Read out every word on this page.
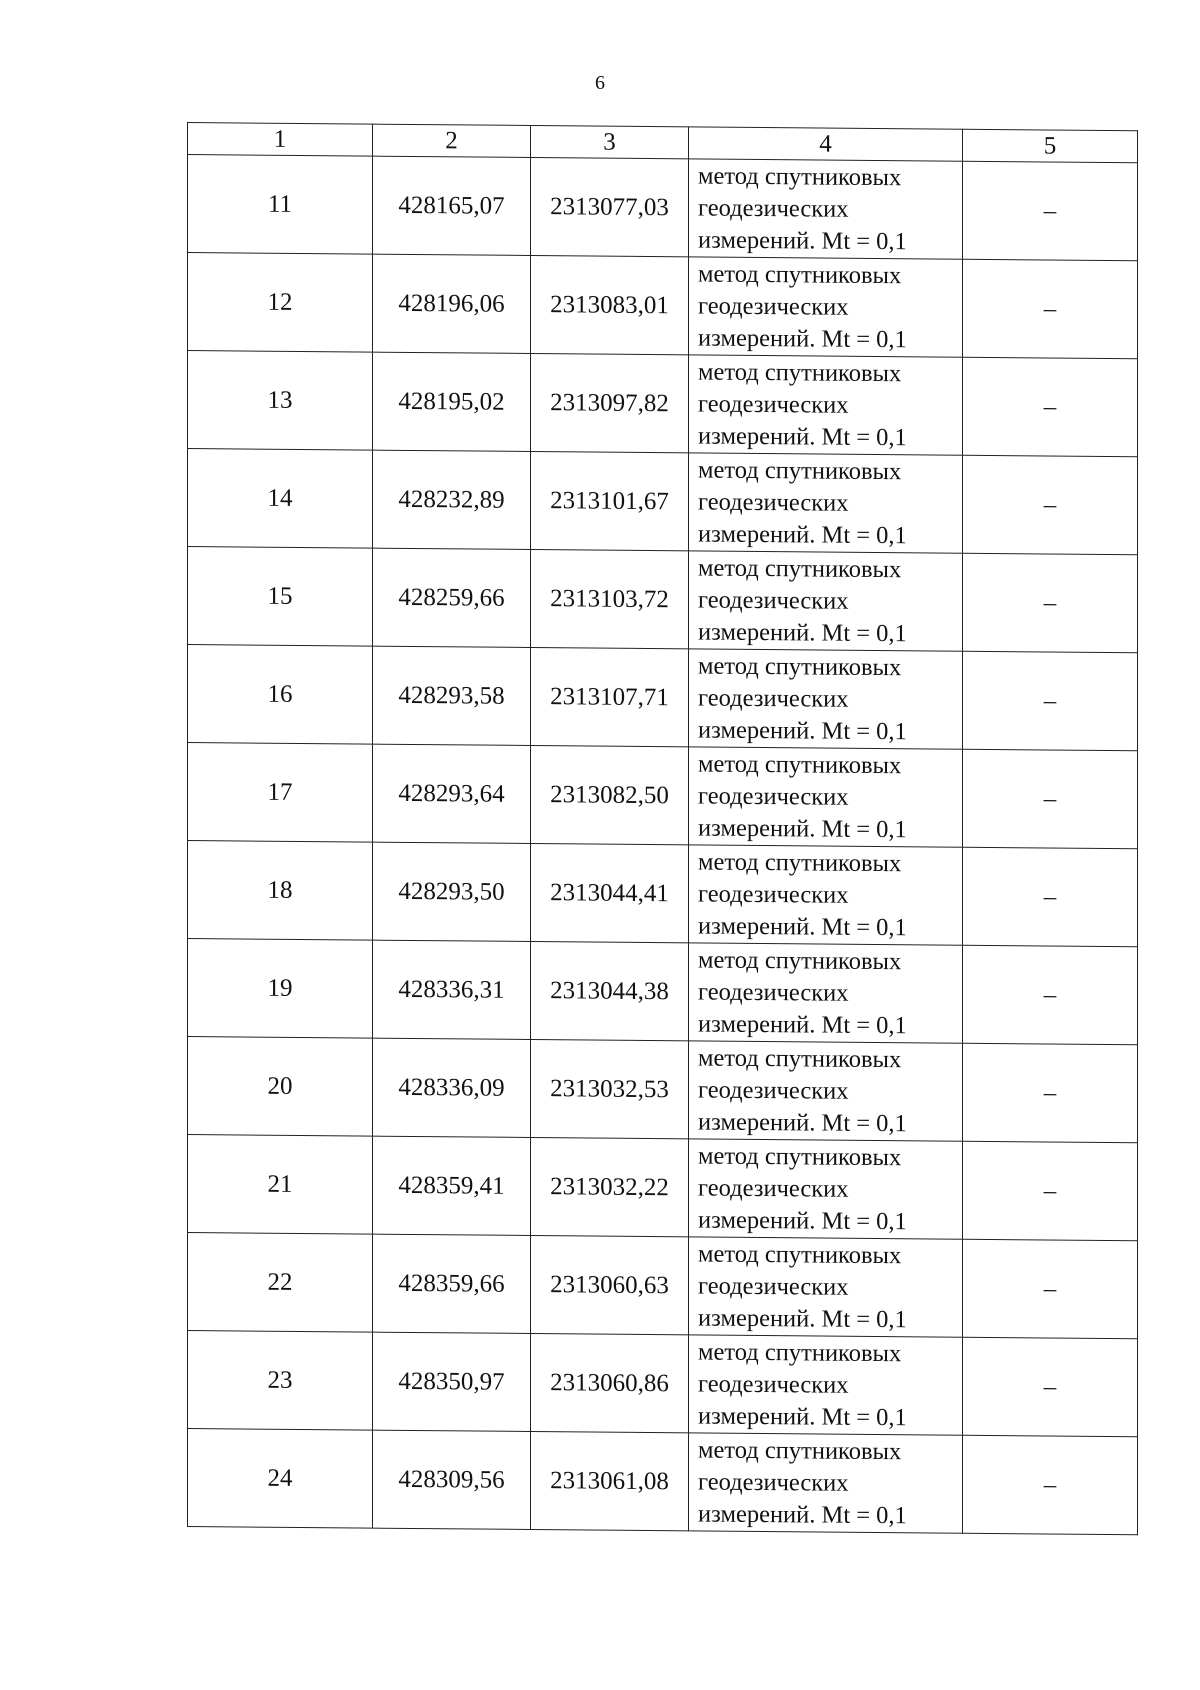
6
1	2	3	4	5
11	428165,07	2313077,03	метод спутниковых
геодезических
измерений. Mt = 0,1	–
12	428196,06	2313083,01	метод спутниковых
геодезических
измерений. Mt = 0,1	–
13	428195,02	2313097,82	метод спутниковых
геодезических
измерений. Mt = 0,1	–
14	428232,89	2313101,67	метод спутниковых
геодезических
измерений. Mt = 0,1	–
15	428259,66	2313103,72	метод спутниковых
геодезических
измерений. Mt = 0,1	–
16	428293,58	2313107,71	метод спутниковых
геодезических
измерений. Mt = 0,1	–
17	428293,64	2313082,50	метод спутниковых
геодезических
измерений. Mt = 0,1	–
18	428293,50	2313044,41	метод спутниковых
геодезических
измерений. Mt = 0,1	–
19	428336,31	2313044,38	метод спутниковых
геодезических
измерений. Mt = 0,1	–
20	428336,09	2313032,53	метод спутниковых
геодезических
измерений. Mt = 0,1	–
21	428359,41	2313032,22	метод спутниковых
геодезических
измерений. Mt = 0,1	–
22	428359,66	2313060,63	метод спутниковых
геодезических
измерений. Mt = 0,1	–
23	428350,97	2313060,86	метод спутниковых
геодезических
измерений. Mt = 0,1	–
24	428309,56	2313061,08	метод спутниковых
геодезических
измерений. Mt = 0,1	–
